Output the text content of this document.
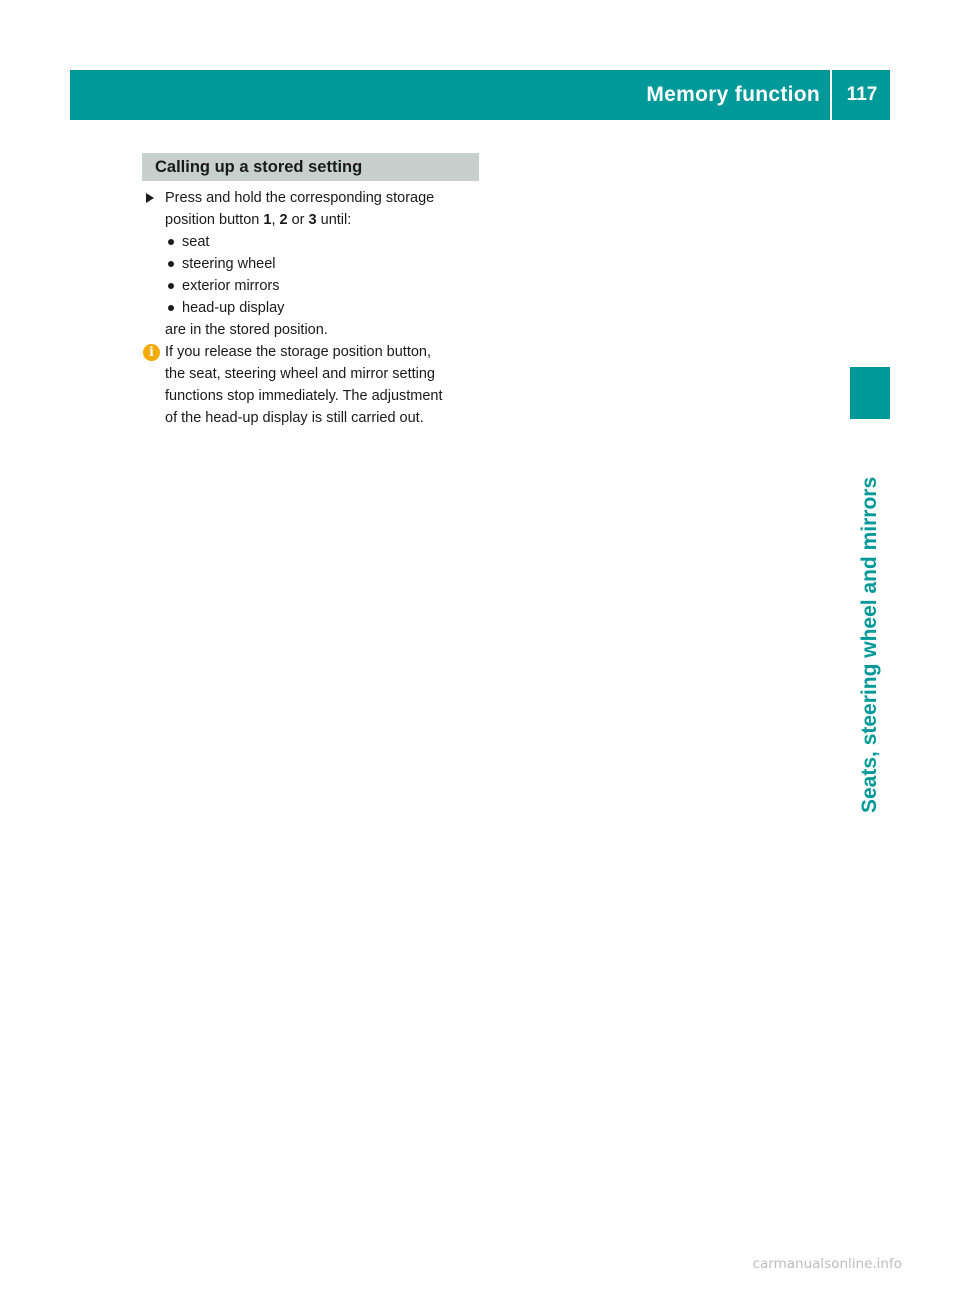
Memory function	117
Seats, steering wheel and mirrors
Calling up a stored setting
Press and hold the corresponding storage
position button 1, 2 or 3 until:
seat
steering wheel
exterior mirrors
head-up display
are in the stored position.
i If you release the storage position button,
the seat, steering wheel and mirror setting
functions stop immediately. The adjustment
of the head-up display is still carried out.
carmanualsonline.info
